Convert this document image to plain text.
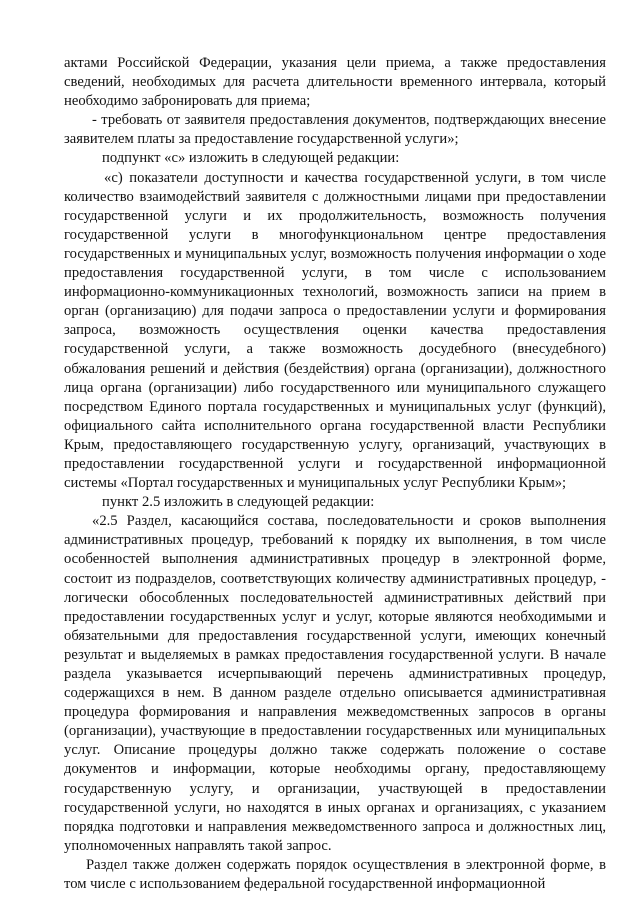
актами Российской Федерации, указания цели приема, а также предоставления сведений, необходимых для расчета длительности временного интервала, который необходимо забронировать для приема;

- требовать от заявителя предоставления документов, подтверждающих внесение заявителем платы за предоставление государственной услуги»;

подпункт «с» изложить в следующей редакции:

«с) показатели доступности и качества государственной услуги, в том числе количество взаимодействий заявителя с должностными лицами при предоставлении государственной услуги и их продолжительность, возможность получения государственной услуги в многофункциональном центре предоставления государственных и муниципальных услуг, возможность получения информации о ходе предоставления государственной услуги, в том числе с использованием информационно-коммуникационных технологий, возможность записи на прием в орган (организацию) для подачи запроса о предоставлении услуги и формирования запроса, возможность осуществления оценки качества предоставления государственной услуги, а также возможность досудебного (внесудебного) обжалования решений и действия (бездействия) органа (организации), должностного лица органа (организации) либо государственного или муниципального служащего посредством Единого портала государственных и муниципальных услуг (функций), официального сайта исполнительного органа государственной власти Республики Крым, предоставляющего государственную услугу, организаций, участвующих в предоставлении государственной услуги и государственной информационной системы «Портал государственных и муниципальных услуг Республики Крым»;

пункт 2.5 изложить в следующей редакции:

«2.5 Раздел, касающийся состава, последовательности и сроков выполнения административных процедур, требований к порядку их выполнения, в том числе особенностей выполнения административных процедур в электронной форме, состоит из подразделов, соответствующих количеству административных процедур, - логически обособленных последовательностей административных действий при предоставлении государственных услуг и услуг, которые являются необходимыми и обязательными для предоставления государственной услуги, имеющих конечный результат и выделяемых в рамках предоставления государственной услуги. В начале раздела указывается исчерпывающий перечень административных процедур, содержащихся в нем. В данном разделе отдельно описывается административная процедура формирования и направления межведомственных запросов в органы (организации), участвующие в предоставлении государственных или муниципальных услуг. Описание процедуры должно также содержать положение о составе документов и информации, которые необходимы органу, предоставляющему государственную услугу, и организации, участвующей в предоставлении государственной услуги, но находятся в иных органах и организациях, с указанием порядка подготовки и направления межведомственного запроса и должностных лиц, уполномоченных направлять такой запрос.

Раздел также должен содержать порядок осуществления в электронной форме, в том числе с использованием федеральной государственной информационной
